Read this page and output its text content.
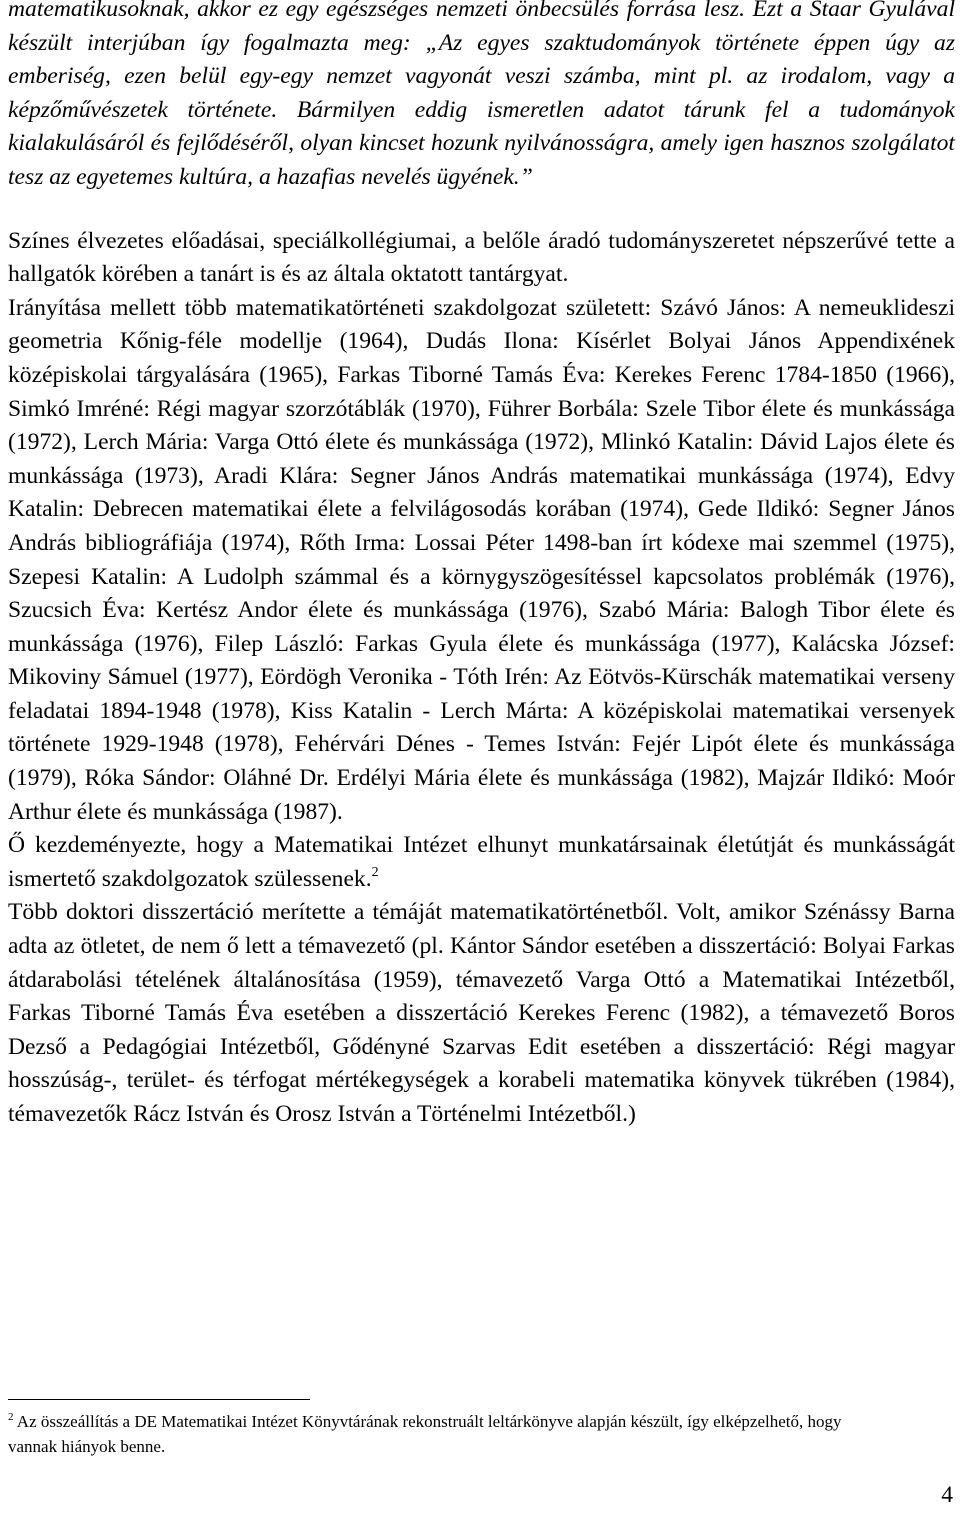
matematikusoknak, akkor ez egy egészséges nemzeti önbecsülés forrása lesz. Ezt a Staar Gyulával készült interjúban így fogalmazta meg: „Az egyes szaktudományok története éppen úgy az emberiség, ezen belül egy-egy nemzet vagyonát veszi számba, mint pl. az irodalom, vagy a képzőművészetek története. Bármilyen eddig ismeretlen adatot tárunk fel a tudományok kialakulásáról és fejlődéséről, olyan kincset hozunk nyilvánosságra, amely igen hasznos szolgálatot tesz az egyetemes kultúra, a hazafias nevelés ügyének.”

Színes élvezetes előadásai, speciálkollégiumai, a belőle áradó tudományszeretet népszerűvé tette a hallgatók körében a tanárt is és az általa oktatott tantárgyat.

Irányítása mellett több matematikatörténeti szakdolgozat született: Szávó János: A nemeuklideszi geometria Kőnig-féle modellje (1964), Dudás Ilona: Kísérlet Bolyai János Appendixének középiskolai tárgyalására (1965), Farkas Tiborné Tamás Éva: Kerekes Ferenc 1784-1850 (1966), Simkó Imréné: Régi magyar szorzótáblák (1970), Führer Borbála: Szele Tibor élete és munkássága (1972), Lerch Mária: Varga Ottó élete és munkássága (1972), Mlinkó Katalin: Dávid Lajos élete és munkássága (1973), Aradi Klára: Segner János András matematikai munkássága (1974), Edvy Katalin: Debrecen matematikai élete a felvilágosodás korában (1974), Gede Ildikó: Segner János András bibliográfiája (1974), Rőth Irma: Lossai Péter 1498-ban írt kódexe mai szemmel (1975), Szepesi Katalin: A Ludolph számmal és a környgyszögesítéssel kapcsolatos problémák (1976), Szucsich Éva: Kertész Andor élete és munkássága (1976), Szabó Mária: Balogh Tibor élete és munkássága (1976), Filep László: Farkas Gyula élete és munkássága (1977), Kalácska József: Mikoviny Sámuel (1977), Eördögh Veronika - Tóth Irén: Az Eötvös-Kürschák matematikai verseny feladatai 1894-1948 (1978), Kiss Katalin - Lerch Márta: A középiskolai matematikai versenyek története 1929-1948 (1978), Fehérvári Dénes - Temes István: Fejér Lipót élete és munkássága (1979), Róka Sándor: Oláhné Dr. Erdélyi Mária élete és munkássága (1982), Majzár Ildikó: Moór Arthur élete és munkássága (1987).

Ő kezdeményezte, hogy a Matematikai Intézet elhunyt munkatársainak életútját és munkásságát ismertető szakdolgozatok szülessenek.$^2$

Több doktori disszertáció merítette a témáját matematikatörténetből. Volt, amikor Szénássy Barna adta az ötletet, de nem ő lett a témavezető (pl. Kántor Sándor esetében a disszertáció: Bolyai Farkas átdarabolási tételének általánosítása (1959), témavezető Varga Ottó a Matematikai Intézetből, Farkas Tiborné Tamás Éva esetében a disszertáció Kerekes Ferenc (1982), a témavezető Boros Dezső a Pedagógiai Intézetből, Gődényné Szarvas Edit esetében a disszertáció: Régi magyar hosszúság-, terület- és térfogat mértékegységek a korabeli matematika könyvek tükrében (1984), témavezetők Rácz István és Orosz István a Történelmi Intézetből.)

$^2$ Az összeállítás a DE Matematikai Intézet Könyvtárának rekonstruált leltárkönyve alapján készült, így elképzelhető, hogy vannak hiányok benne.

4
